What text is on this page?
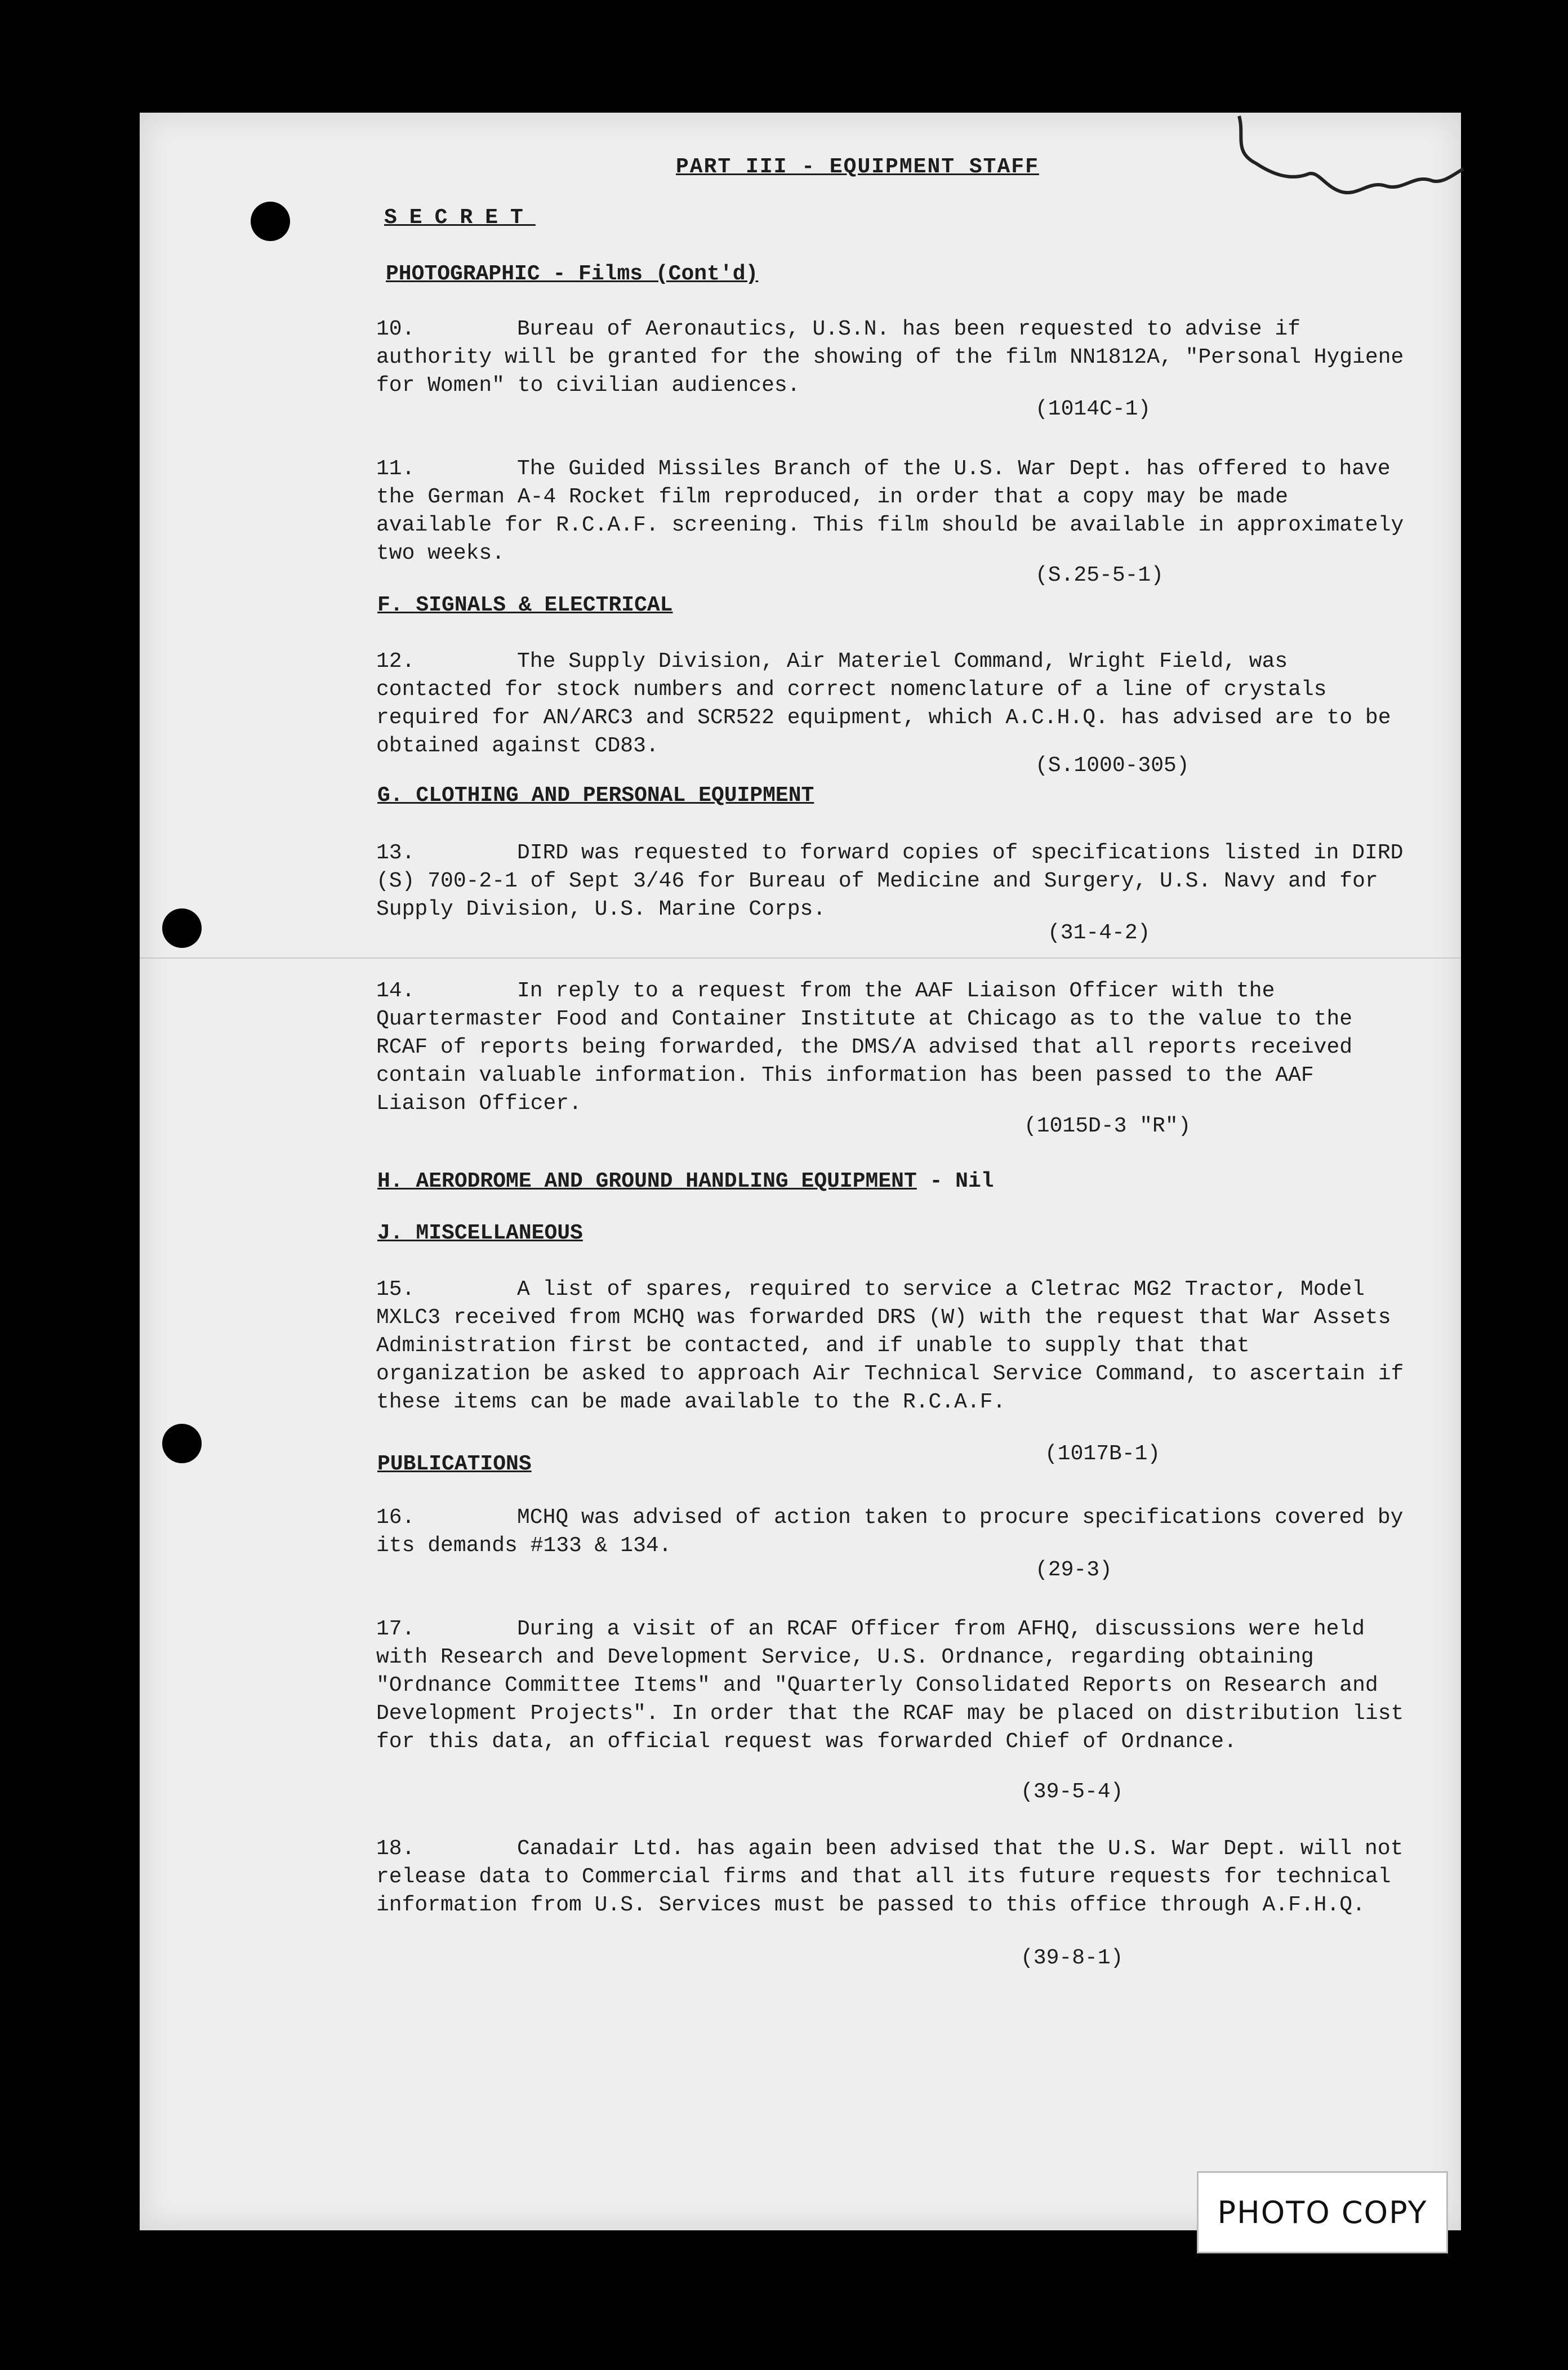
PART III - EQUIPMENT STAFF
SECRET
PHOTOGRAPHIC - Films (Cont'd)
10.	Bureau of Aeronautics, U.S.N. has been requested to advise if authority will be granted for the showing of the film NN1812A, "Personal Hygiene for Women" to civilian audiences.
(1014C-1)
11.	The Guided Missiles Branch of the U.S. War Dept. has offered to have the German A-4 Rocket film reproduced, in order that a copy may be made available for R.C.A.F. screening. This film should be available in approximately two weeks.
(S.25-5-1)
F. SIGNALS & ELECTRICAL
12.	The Supply Division, Air Materiel Command, Wright Field, was contacted for stock numbers and correct nomenclature of a line of crystals required for AN/ARC3 and SCR522 equipment, which A.C.H.Q. has advised are to be obtained against CD83.
(S.1000-305)
G. CLOTHING AND PERSONAL EQUIPMENT
13.	DIRD was requested to forward copies of specifications listed in DIRD (S) 700-2-1 of Sept 3/46 for Bureau of Medicine and Surgery, U.S. Navy and for Supply Division, U.S. Marine Corps.
(31-4-2)
14.	In reply to a request from the AAF Liaison Officer with the Quartermaster Food and Container Institute at Chicago as to the value to the RCAF of reports being forwarded, the DMS/A advised that all reports received contain valuable information. This information has been passed to the AAF Liaison Officer.
(1015D-3 "R")
H. AERODROME AND GROUND HANDLING EQUIPMENT - Nil
J. MISCELLANEOUS
15.	A list of spares, required to service a Cletrac MG2 Tractor, Model MXLC3 received from MCHQ was forwarded DRS (W) with the request that War Assets Administration first be contacted, and if unable to supply that that organization be asked to approach Air Technical Service Command, to ascertain if these items can be made available to the R.C.A.F.
(1017B-1)
PUBLICATIONS
16.	MCHQ was advised of action taken to procure specifications covered by its demands #133 & 134.
(29-3)
17.	During a visit of an RCAF Officer from AFHQ, discussions were held with Research and Development Service, U.S. Ordnance, regarding obtaining "Ordnance Committee Items" and "Quarterly Consolidated Reports on Research and Development Projects". In order that the RCAF may be placed on distribution list for this data, an official request was forwarded Chief of Ordnance.
(39-5-4)
18.	Canadair Ltd. has again been advised that the U.S. War Dept. will not release data to Commercial firms and that all its future requests for technical information from U.S. Services must be passed to this office through A.F.H.Q.
(39-8-1)
PHOTO COPY
